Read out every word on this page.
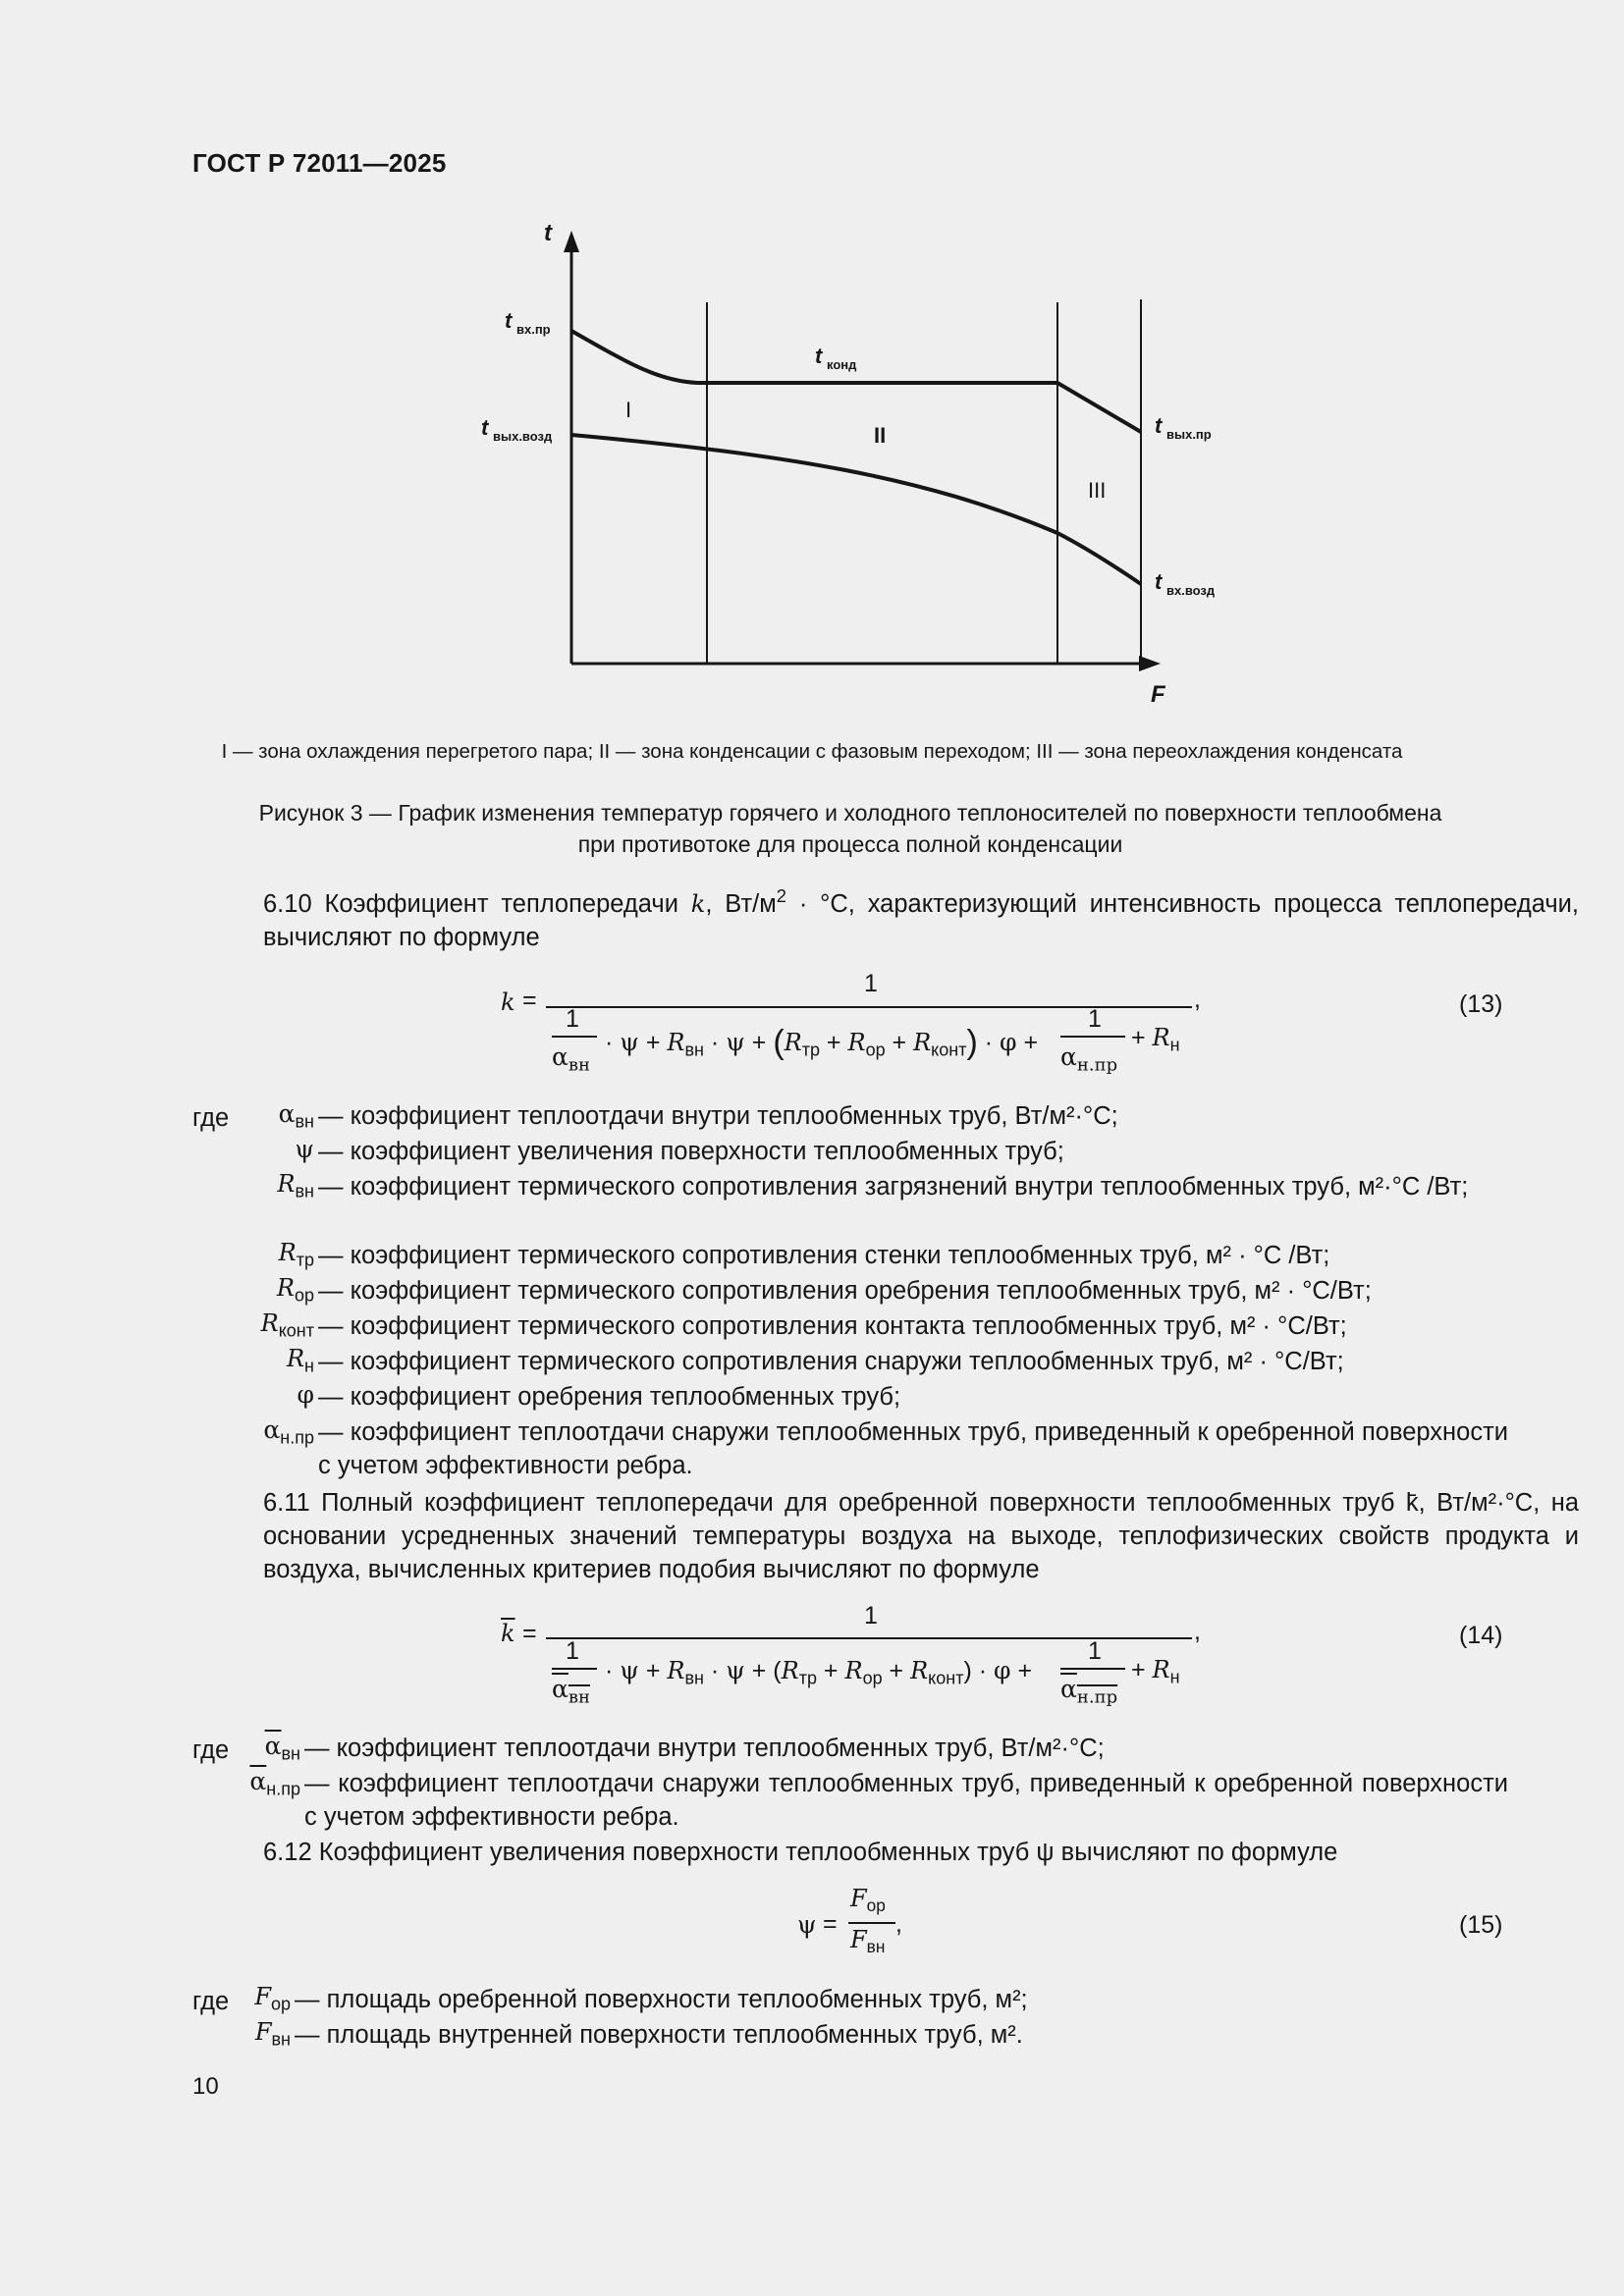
ГОСТ Р 72011—2025
t
F
t вх.пр
t вых.возд
t конд
t вых.пр
t вх.возд
I
II
III
I — зона охлаждения перегретого пара; II — зона конденсации с фазовым переходом; III — зона переохлаждения конденсата
Рисунок 3 — График изменения температур горячего и холодного теплоносителей по поверхности теплообмена
при противотоке для процесса полной конденсации
6.10 Коэффициент теплопередачи k, $Вт/м^2 \cdot ^\circ С$, характеризующий интенсивность процесса теплопередачи, вычисляют по формуле
k =
1
,
1
$\alpha_{вн}$
· $\psi + R_{вн} \cdot \psi + (R_{тр} + R_{ор} + R_{конт}) \cdot \varphi$ +
1
$\alpha_{н.пр}$
+ $R_н$
(13)
где $\alpha_{вн}$ — коэффициент теплоотдачи внутри теплообменных труб, Вт/м²·°С;
ψ — коэффициент увеличения поверхности теплообменных труб;
$R_{вн}$ — коэффициент термического сопротивления загрязнений внутри теплообменных труб, м²·°С /Вт;
$R_{тр}$ — коэффициент термического сопротивления стенки теплообменных труб, м² · °С /Вт;
$R_{ор}$ — коэффициент термического сопротивления оребрения теплообменных труб, м² · °С/Вт;
$R_{конт}$ — коэффициент термического сопротивления контакта теплообменных труб, м² · °С/Вт;
$R_н$ — коэффициент термического сопротивления снаружи теплообменных труб, м² · °С/Вт;
φ — коэффициент оребрения теплообменных труб;
$\alpha_{н.пр}$ — коэффициент теплоотдачи снаружи теплообменных труб, приведенный к оребренной поверхности с учетом эффективности ребра.
6.11 Полный коэффициент теплопередачи для оребренной поверхности теплообменных труб k̄, Вт/м²·°С, на основании усредненных значений температуры воздуха на выходе, теплофизических свойств продукта и воздуха, вычисленных критериев подобия вычисляют по формуле
$\overline{k}$ =
1
,
1
$\alpha_{вн}$
· $\psi + R_{вн} \cdot \psi + (R_{тр} + R_{ор} + R_{конт}) \cdot \varphi$ +
1
$\alpha_{н.пр}$
+ $R_н$
(14)
где $\overline{\alpha}_{вн}$ — коэффициент теплоотдачи внутри теплообменных труб, Вт/м²·°С;
$\overline{\alpha}_{н.пр}$ — коэффициент теплоотдачи снаружи теплообменных труб, приведенный к оребренной поверхности с учетом эффективности ребра.
6.12 Коэффициент увеличения поверхности теплообменных труб ψ вычисляют по формуле
ψ =
$F_{ор}$
$F_{вн}$
,	(15)
где $F_{ор}$ — площадь оребренной поверхности теплообменных труб, м²;
$F_{вн}$ — площадь внутренней поверхности теплообменных труб, м².
10
